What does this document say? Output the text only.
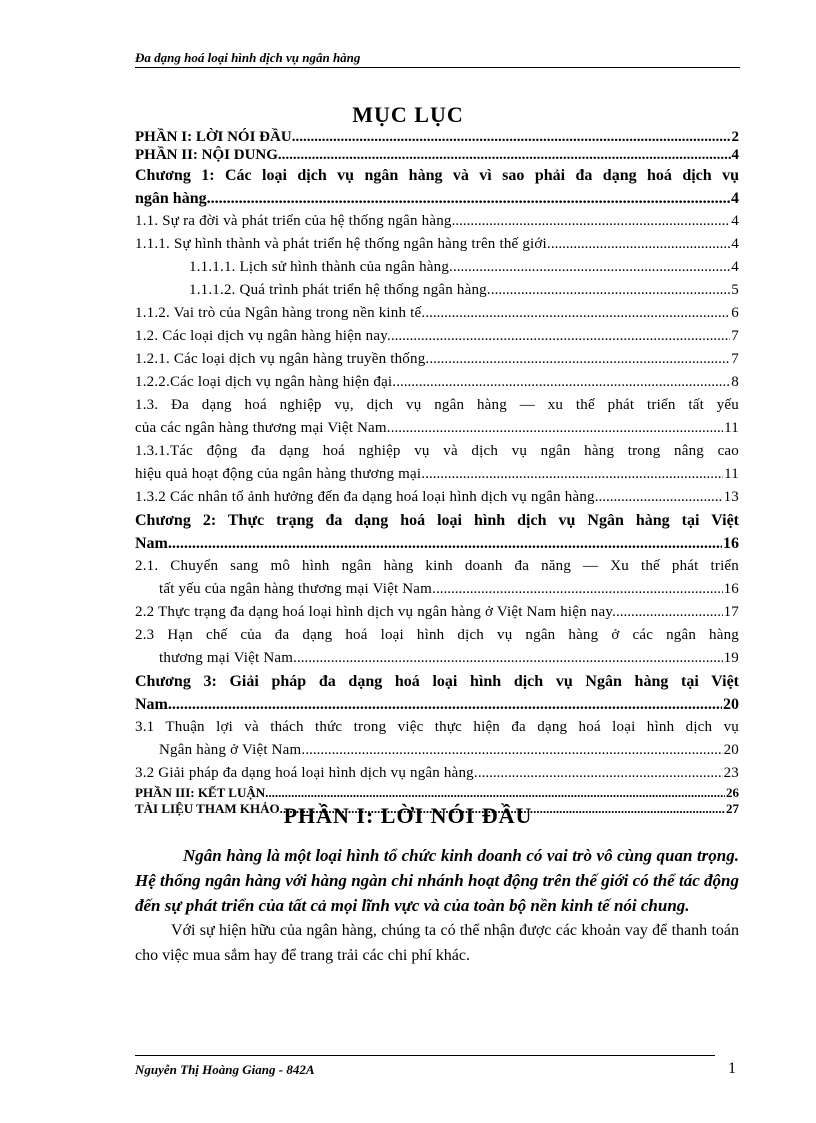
Đa dạng hoá loại hình dịch vụ ngân hàng
MỤC LỤC
PHẦN I: LỜI NÓI ĐẦU .....	2
PHẦN II: NỘI DUNG .....	4
Chương 1: Các loại dịch vụ ngân hàng và vì sao phải đa dạng hoá dịch vụ
ngân hàng. .....	4
1.1. Sự ra đời và phát triển của hệ thống ngân hàng .....	4
1.1.1. Sự hình thành và phát triển hệ thống ngân hàng trên thế giới. .....	4
1.1.1.1. Lịch sử hình thành của ngân hàng. .....	4
1.1.1.2. Quá trình phát triển hệ thống ngân hàng. .....	5
1.1.2. Vai trò của Ngân hàng trong nền kinh tế. .....	6
1.2. Các loại dịch vụ ngân hàng hiện nay. .....	7
1.2.1. Các loại dịch vụ ngân hàng truyền thống. .....	7
1.2.2.Các loại dịch vụ ngân hàng hiện đại. .....	8
1.3. Đa dạng hoá nghiệp vụ, dịch vụ ngân hàng — xu thế phát triển tất yếu
của các ngân hàng thương mại Việt Nam. .....	11
1.3.1.Tác động đa dạng hoá nghiệp vụ và dịch vụ ngân hàng trong nâng cao
hiệu quả hoạt động của ngân hàng thương mại. .....	11
1.3.2 Các nhân tố ảnh hưởng đến đa dạng hoá loại hình dịch vụ ngân hàng .....	13
Chương 2: Thực trạng đa dạng hoá loại hình dịch vụ Ngân hàng tại Việt
Nam. .....	16
2.1. Chuyển sang mô hình ngân hàng kinh doanh đa năng — Xu thế phát triển
tất yếu của ngân hàng thương mại Việt Nam. .....	16
2.2 Thực trạng đa dạng hoá loại hình dịch vụ ngân hàng ở Việt Nam hiện nay. .....	17
2.3 Hạn chế của đa dạng hoá loại hình dịch vụ ngân hàng ở các ngân hàng
thương mại Việt Nam. .....	19
Chương 3: Giải pháp đa dạng hoá loại hình dịch vụ Ngân hàng tại Việt
Nam. .....	20
3.1 Thuận lợi và thách thức trong việc thực hiện đa dạng hoá loại hình dịch vụ
Ngân hàng ở Việt Nam. .....	20
3.2 Giải pháp đa dạng hoá loại hình dịch vụ ngân hàng. .....	23
PHẦN III: KẾT LUẬN .....	26
TÀI LIỆU THAM KHẢO .....	27
PHẦN I: LỜI NÓI ĐẦU

Ngân hàng là một loại hình tổ chức kinh doanh có vai trò vô cùng quan trọng. Hệ thống ngân hàng với hàng ngàn chi nhánh hoạt động trên thế giới có thể tác động đến sự phát triển của tất cả mọi lĩnh vực và của toàn bộ nền kinh tế nói chung.

Với sự hiện hữu của ngân hàng, chúng ta có thể nhận được các khoản vay để thanh toán cho việc mua sắm hay để trang trải các chi phí khác.

Nguyễn Thị Hoàng Giang - 842A	1
